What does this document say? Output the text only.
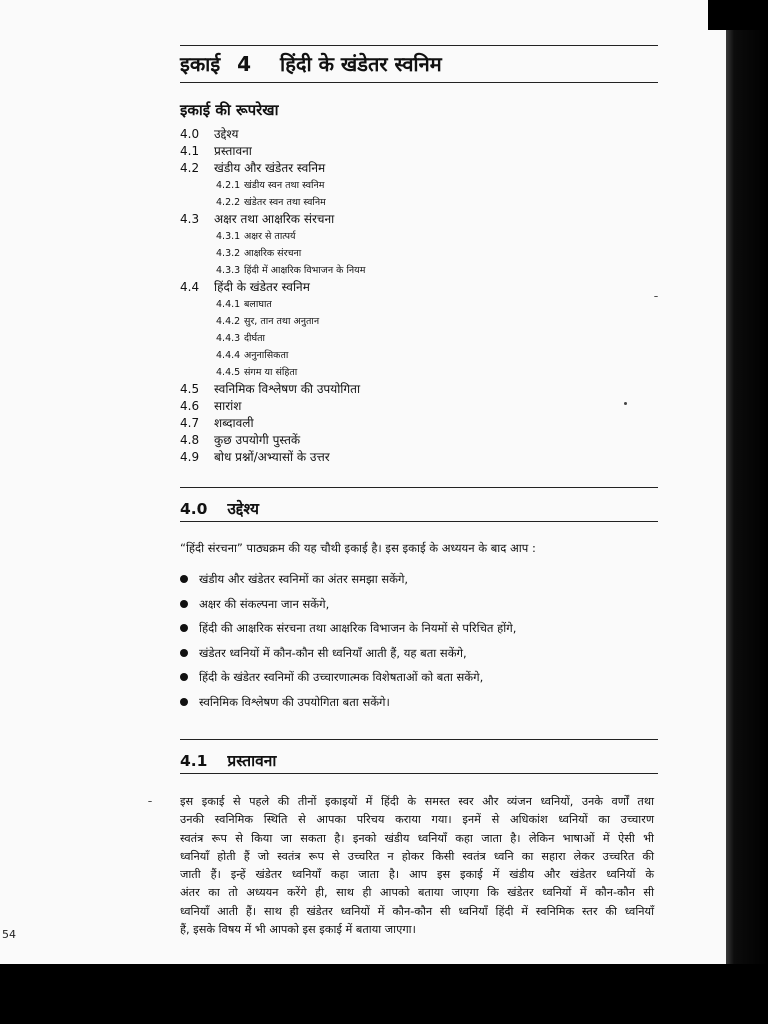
इकाई 4 हिंदी के खंडेतर स्वनिम
इकाई की रूपरेखा
4.0 उद्देश्य
4.1 प्रस्तावना
4.2 खंडीय और खंडेतर स्वनिम
4.2.1 खंडीय स्वन तथा स्वनिम
4.2.2 खंडेतर स्वन तथा स्वनिम
4.3 अक्षर तथा आक्षरिक संरचना
4.3.1 अक्षर से तात्पर्य
4.3.2 आक्षरिक संरचना
4.3.3 हिंदी में आक्षरिक विभाजन के नियम
4.4 हिंदी के खंडेतर स्वनिम
4.4.1 बलाघात
4.4.2 सुर, तान तथा अनुतान
4.4.3 दीर्घता
4.4.4 अनुनासिकता
4.4.5 संगम या संहिता
4.5 स्वनिमिक विश्लेषण की उपयोगिता
4.6 सारांश
4.7 शब्दावली
4.8 कुछ उपयोगी पुस्तकें
4.9 बोध प्रश्नों/अभ्यासों के उत्तर
4.0 उद्देश्य
“हिंदी संरचना” पाठ्यक्रम की यह चौथी इकाई है। इस इकाई के अध्ययन के बाद आप :
खंडीय और खंडेतर स्वनिमों का अंतर समझा सकेंगे,
अक्षर की संकल्पना जान सकेंगे,
हिंदी की आक्षरिक संरचना तथा आक्षरिक विभाजन के नियमों से परिचित होंगे,
खंडेतर ध्वनियों में कौन-कौन सी ध्वनियाँ आती हैं, यह बता सकेंगे,
हिंदी के खंडेतर स्वनिमों की उच्चारणात्मक विशेषताओं को बता सकेंगे,
स्वनिमिक विश्लेषण की उपयोगिता बता सकेंगे।
4.1 प्रस्तावना
इस इकाई से पहले की तीनों इकाइयों में हिंदी के समस्त स्वर और व्यंजन ध्वनियों, उनके वर्णों तथा
उनकी स्वनिमिक स्थिति से आपका परिचय कराया गया। इनमें से अधिकांश ध्वनियों का उच्चारण
स्वतंत्र रूप से किया जा सकता है। इनको खंडीय ध्वनियाँ कहा जाता है। लेकिन भाषाओं में ऐसी भी
ध्वनियाँ होती हैं जो स्वतंत्र रूप से उच्चरित न होकर किसी स्वतंत्र ध्वनि का सहारा लेकर उच्चरित की
जाती हैं। इन्हें खंडेतर ध्वनियाँ कहा जाता है। आप इस इकाई में खंडीय और खंडेतर ध्वनियों के
अंतर का तो अध्ययन करेंगे ही, साथ ही आपको बताया जाएगा कि खंडेतर ध्वनियों में कौन-कौन सी
ध्वनियाँ आती हैं। साथ ही खंडेतर ध्वनियों में कौन-कौन सी ध्वनियाँ हिंदी में स्वनिमिक स्तर की ध्वनियाँ
हैं, इसके विषय में भी आपको इस इकाई में बताया जाएगा।
54
